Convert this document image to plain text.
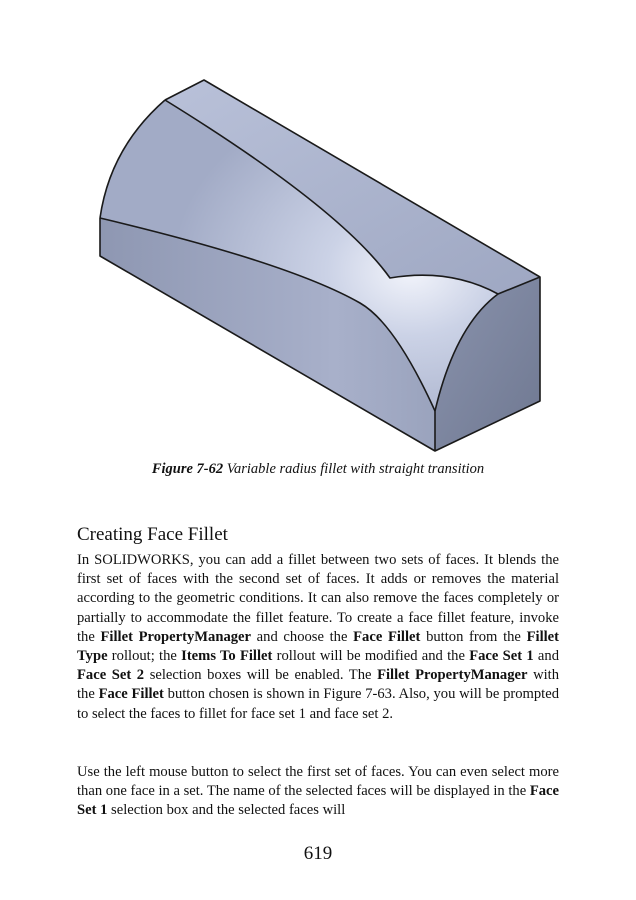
Figure 7-62 Variable radius fillet with straight transition
Creating Face Fillet

In SOLIDWORKS, you can add a fillet between two sets of faces. It blends the first set of faces with the second set of faces. It adds or removes the material according to the geometric conditions. It can also remove the faces completely or partially to accommodate the fillet feature. To create a face fillet feature, invoke the Fillet PropertyManager and choose the Face Fillet button from the Fillet Type rollout; the Items To Fillet rollout will be modified and the Face Set 1 and Face Set 2 selection boxes will be enabled. The Fillet PropertyManager with the Face Fillet button chosen is shown in Figure 7-63. Also, you will be prompted to select the faces to fillet for face set 1 and face set 2.

Use the left mouse button to select the first set of faces. You can even select more than one face in a set. The name of the selected faces will be displayed in the Face Set 1 selection box and the selected faces will

619
